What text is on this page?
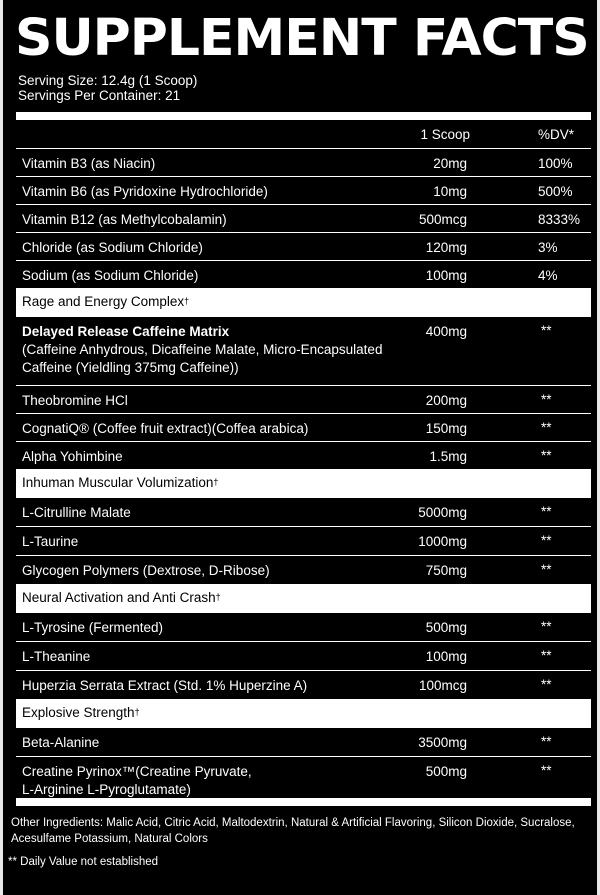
SUPPLEMENT FACTS
Serving Size: 12.4g (1 Scoop)
Servings Per Container: 21
1 Scoop	%DV*
Vitamin B3 (as Niacin)	20mg	100%
Vitamin B6 (as Pyridoxine Hydrochloride)	10mg	500%
Vitamin B12 (as Methylcobalamin)	500mcg	8333%
Chloride (as Sodium Chloride)	120mg	3%
Sodium (as Sodium Chloride)	100mg	4%
Rage and Energy Complex†
Delayed Release Caffeine Matrix
(Caffeine Anhydrous, Dicaffeine Malate, Micro-Encapsulated Caffeine (Yieldling 375mg Caffeine))
400mg	**
Theobromine HCl	200mg	**
CognatiQ® (Coffee fruit extract)(Coffea arabica)	150mg	**
Alpha Yohimbine	1.5mg	**
Inhuman Muscular Volumization†
L-Citrulline Malate	5000mg	**
L-Taurine	1000mg	**
Glycogen Polymers (Dextrose, D-Ribose)	750mg	**
Neural Activation and Anti Crash†
L-Tyrosine (Fermented)	500mg	**
L-Theanine	100mg	**
Huperzia Serrata Extract (Std. 1% Huperzine A)	100mcg	**
Explosive Strength†
Beta-Alanine	3500mg	**
Creatine Pyrinox™(Creatine Pyruvate,
L-Arginine L-Pyroglutamate)
500mg	**
Other Ingredients: Malic Acid, Citric Acid, Maltodextrin, Natural & Artificial Flavoring, Silicon Dioxide, Sucralose, Acesulfame Potassium, Natural Colors
** Daily Value not established
